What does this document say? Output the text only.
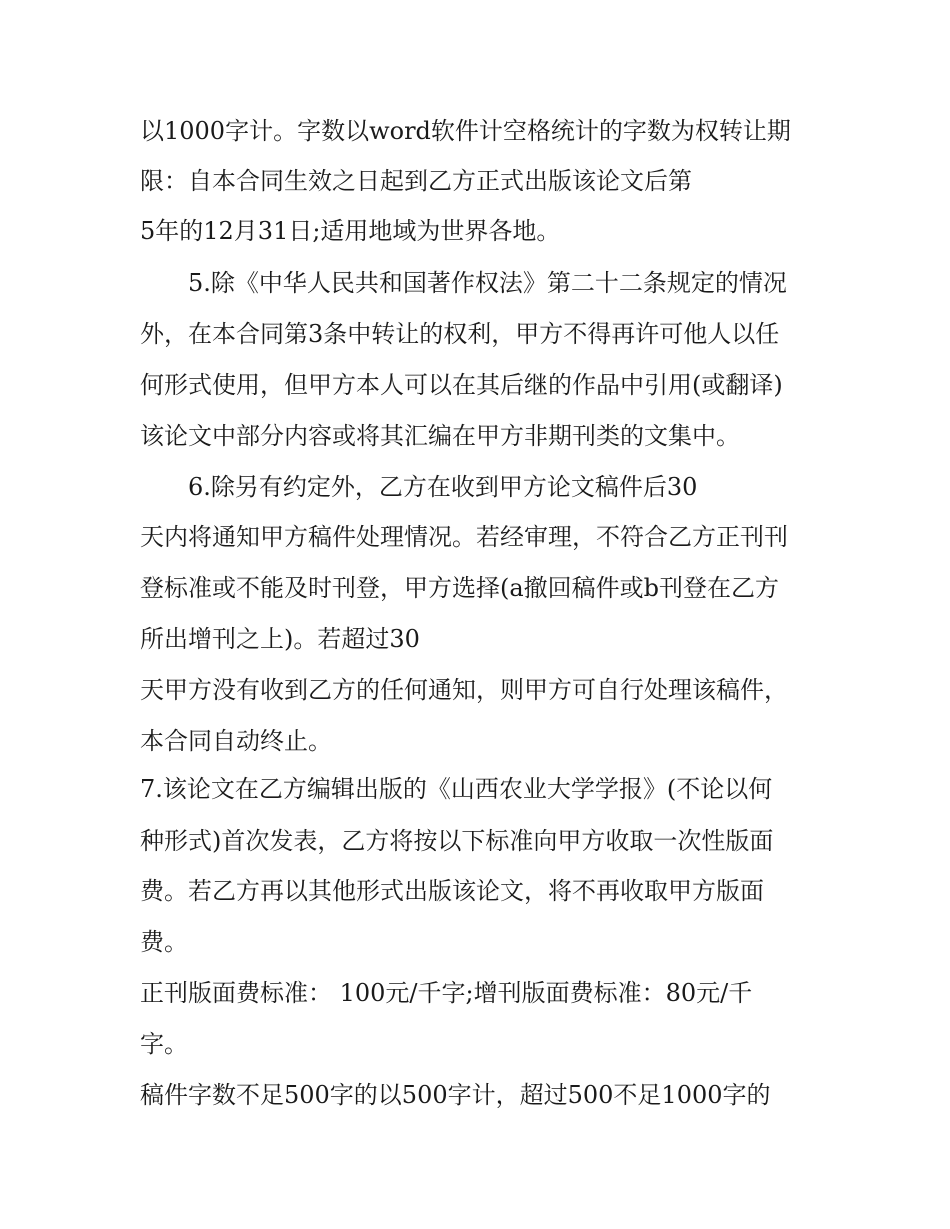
以1000字计。字数以word软件计空格统计的字数为权转让期
限：自本合同生效之日起到乙方正式出版该论文后第
5年的12月31日;适用地域为世界各地。
5.除《中华人民共和国著作权法》第二十二条规定的情况
外，在本合同第3条中转让的权利，甲方不得再许可他人以任
何形式使用，但甲方本人可以在其后继的作品中引用(或翻译)
该论文中部分内容或将其汇编在甲方非期刊类的文集中。
6.除另有约定外，乙方在收到甲方论文稿件后30
天内将通知甲方稿件处理情况。若经审理，不符合乙方正刊刊
登标准或不能及时刊登，甲方选择(a撤回稿件或b刊登在乙方
所出增刊之上)。若超过30
天甲方没有收到乙方的任何通知，则甲方可自行处理该稿件，
本合同自动终止。
7.该论文在乙方编辑出版的《山西农业大学学报》(不论以何
种形式)首次发表，乙方将按以下标准向甲方收取一次性版面
费。若乙方再以其他形式出版该论文，将不再收取甲方版面
费。
正刊版面费标准： 100元/千字;增刊版面费标准：80元/千
字。
稿件字数不足500字的以500字计，超过500不足1000字的
